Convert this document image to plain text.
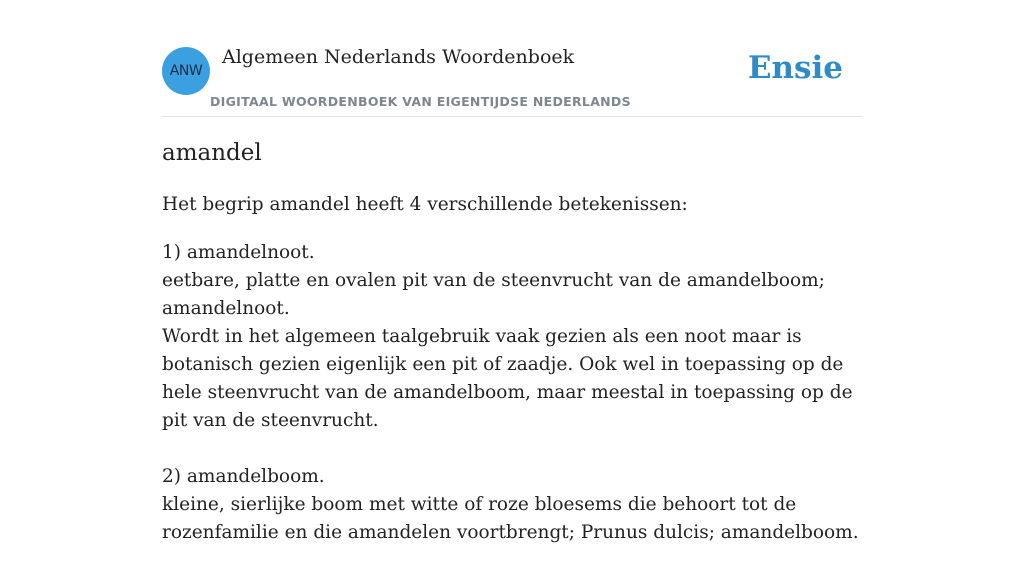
ANW
Algemeen Nederlands Woordenboek
DIGITAAL WOORDENBOEK VAN EIGENTIJDSE NEDERLANDS
Ensie
amandel
Het begrip amandel heeft 4 verschillende betekenissen:

1) amandelnoot.

eetbare, platte en ovalen pit van de steenvrucht van de amandelboom; amandelnoot.

Wordt in het algemeen taalgebruik vaak gezien als een noot maar is botanisch gezien eigenlijk een pit of zaadje. Ook wel in toepassing op de hele steenvrucht van de amandelboom, maar meestal in toepassing op de pit van de steenvrucht.

2) amandelboom.

kleine, sierlijke boom met witte of roze bloesems die behoort tot de rozenfamilie en die amandelen voortbrengt; Prunus dulcis; amandelboom.
